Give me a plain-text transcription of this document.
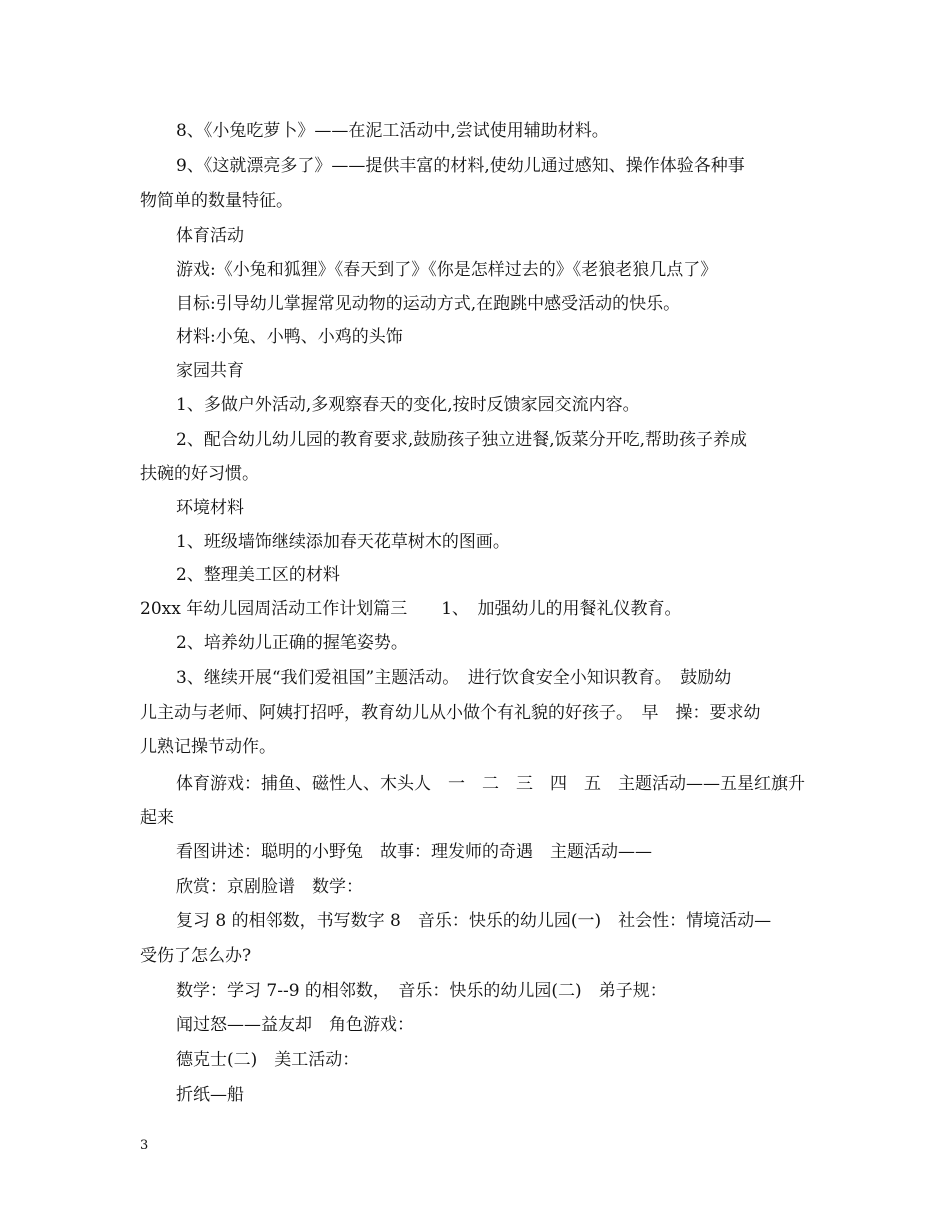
8、《小兔吃萝卜》——在泥工活动中,尝试使用辅助材料。
9、《这就漂亮多了》——提供丰富的材料,使幼儿通过感知、操作体验各种事
物简单的数量特征。
体育活动
游戏:《小兔和狐狸》《春天到了》《你是怎样过去的》《老狼老狼几点了》
目标:引导幼儿掌握常见动物的运动方式,在跑跳中感受活动的快乐。
材料:小兔、小鸭、小鸡的头饰
家园共育
1、多做户外活动,多观察春天的变化,按时反馈家园交流内容。
2、配合幼儿幼儿园的教育要求,鼓励孩子独立进餐,饭菜分开吃,帮助孩子养成
扶碗的好习惯。
环境材料
1、班级墙饰继续添加春天花草树木的图画。
2、整理美工区的材料
20xx 年幼儿园周活动工作计划篇三　　1、　加强幼儿的用餐礼仪教育。
2、培养幼儿正确的握笔姿势。
3、继续开展“我们爱祖国”主题活动。　进行饮食安全小知识教育。　鼓励幼
儿主动与老师、阿姨打招呼，教育幼儿从小做个有礼貌的好孩子。　早　操：要求幼
儿熟记操节动作。
体育游戏：捕鱼、磁性人、木头人　一　二　三　四　五　主题活动——五星红旗升
起来
看图讲述：聪明的小野兔　故事：理发师的奇遇　主题活动——
欣赏：京剧脸谱　数学：
复习 8 的相邻数，书写数字 8　音乐：快乐的幼儿园(一)　社会性：情境活动—
受伤了怎么办?
数学：学习 7--9 的相邻数，　音乐：快乐的幼儿园(二)　弟子规：
闻过怒——益友却　角色游戏：
德克士(二)　美工活动：
折纸—船
3
